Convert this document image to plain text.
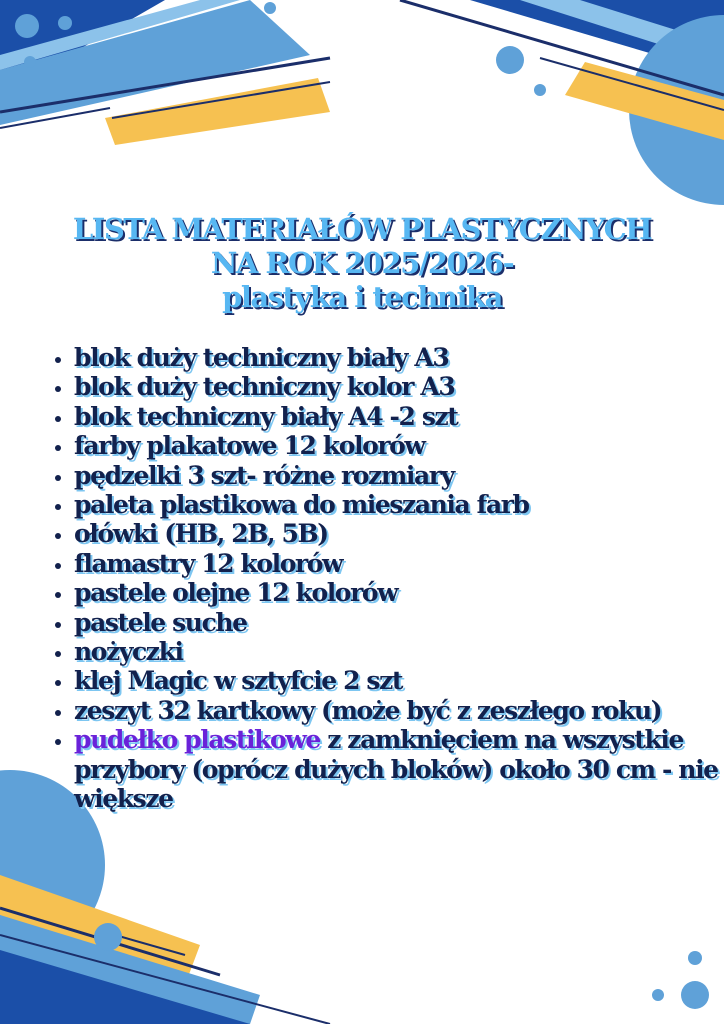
LISTA MATERIAŁÓW PLASTYCZNYCH
NA ROK 2025/2026-
plastyka i technika
• blok duży techniczny biały A3
• blok duży techniczny kolor A3
• blok techniczny biały A4 -2 szt
• farby plakatowe 12 kolorów
• pędzelki 3 szt- różne rozmiary
• paleta plastikowa do mieszania farb
• ołówki (HB, 2B, 5B)
• flamastry 12 kolorów
• pastele olejne 12 kolorów
• pastele suche
• nożyczki
• klej Magic w sztyfcie 2 szt
• zeszyt 32 kartkowy (może być z zeszłego roku)
• pudełko plastikowe z zamknięciem na wszystkie przybory (oprócz dużych bloków) około 30 cm - nie większe
